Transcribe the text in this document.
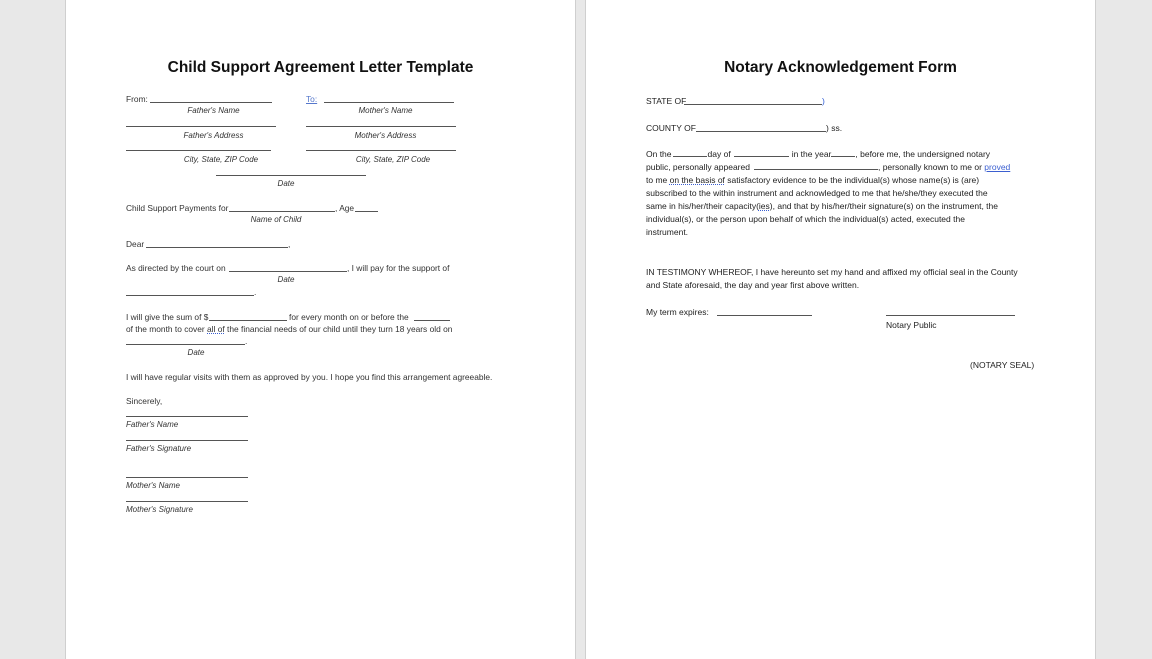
Child Support Agreement Letter Template
From:	To:
Father's Name	Mother's Name
Father's Address	Mother's Address
City, State, ZIP Code	City, State, ZIP Code
Date
Child Support Payments for	, Age
Name of Child
Dear	,
As directed by the court on	, I will pay for the support of
Date
.
I will give the sum of $	for every month on or before the
of the month to cover all of the financial needs of our child until they turn 18 years old on
.
Date
I will have regular visits with them as approved by you. I hope you find this arrangement agreeable.
Sincerely,
Father's Name
Father's Signature
Mother's Name
Mother's Signature
Notary Acknowledgement Form
STATE OF	)
COUNTY OF	) ss.
On the	day of	in the year	, before me, the undersigned notary
public, personally appeared	, personally known to me or proved
to me on the basis of satisfactory evidence to be the individual(s) whose name(s) is (are)
subscribed to the within instrument and acknowledged to me that he/she/they executed the
same in his/her/their capacity(ies), and that by his/her/their signature(s) on the instrument, the
individual(s), or the person upon behalf of which the individual(s) acted, executed the
instrument.
IN TESTIMONY WHEREOF, I have hereunto set my hand and affixed my official seal in the County
and State aforesaid, the day and year first above written.
My term expires:
Notary Public
(NOTARY SEAL)
